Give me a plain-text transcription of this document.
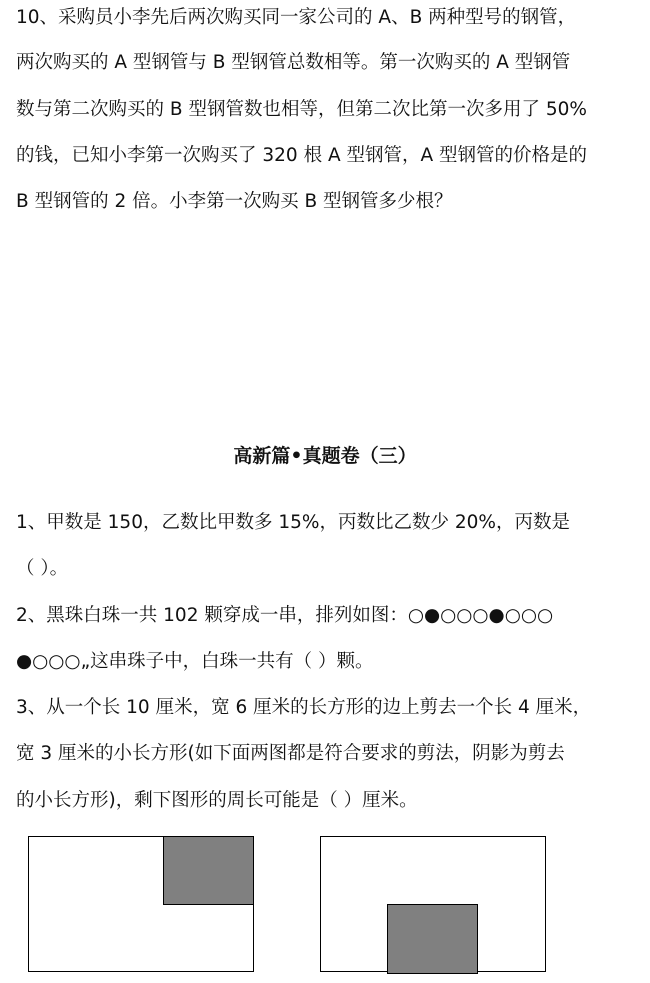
10、采购员小李先后两次购买同一家公司的 A、B 两种型号的钢管，
两次购买的 A 型钢管与 B 型钢管总数相等。第一次购买的 A 型钢管
数与第二次购买的 B 型钢管数也相等，但第二次比第一次多用了 50%
的钱，已知小李第一次购买了 320 根 A 型钢管，A 型钢管的价格是的
B 型钢管的 2 倍。小李第一次购买 B 型钢管多少根？
高新篇•真题卷（三）
1、甲数是 150，乙数比甲数多 15%，丙数比乙数少 20%，丙数是
（ ）。
2、黑珠白珠一共 102 颗穿成一串，排列如图：○●○○○●○○○
●○○○„这串珠子中，白珠一共有（ ）颗。
3、从一个长 10 厘米，宽 6 厘米的长方形的边上剪去一个长 4 厘米，
宽 3 厘米的小长方形(如下面两图都是符合要求的剪法，阴影为剪去
的小长方形)，剩下图形的周长可能是（ ）厘米。
